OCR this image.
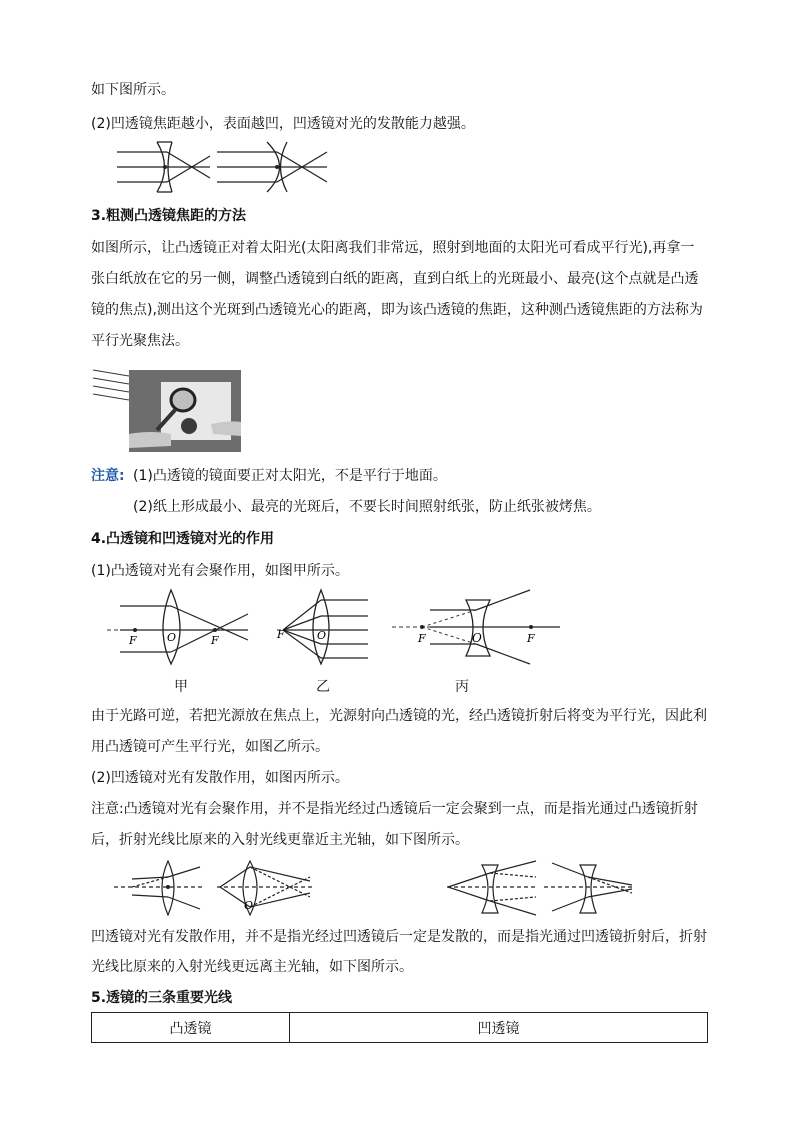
如下图所示。
(2)凹透镜焦距越小，表面越凹，凹透镜对光的发散能力越强。
3.粗测凸透镜焦距的方法
如图所示，让凸透镜正对着太阳光(太阳离我们非常远，照射到地面的太阳光可看成平行光),再拿一
张白纸放在它的另一侧，调整凸透镜到白纸的距离，直到白纸上的光斑最小、最亮(这个点就是凸透
镜的焦点),测出这个光斑到凸透镜光心的距离，即为该凸透镜的焦距，这种测凸透镜焦距的方法称为
平行光聚焦法。
注意: (1)凸透镜的镜面要正对太阳光，不是平行于地面。
(2)纸上形成最小、最亮的光斑后，不要长时间照射纸张，防止纸张被烤焦。
4.凸透镜和凹透镜对光的作用
(1)凸透镜对光有会聚作用，如图甲所示。
F	F
O	F	O	F	F
O
甲	乙	丙
由于光路可逆，若把光源放在焦点上，光源射向凸透镜的光，经凸透镜折射后将变为平行光，因此利
用凸透镜可产生平行光，如图乙所示。
(2)凹透镜对光有发散作用，如图丙所示。
注意:凸透镜对光有会聚作用，并不是指光经过凸透镜后一定会聚到一点，而是指光通过凸透镜折射
后，折射光线比原来的入射光线更靠近主光轴，如下图所示。
O
凹透镜对光有发散作用，并不是指光经过凹透镜后一定是发散的，而是指光通过凹透镜折射后，折射
光线比原来的入射光线更远离主光轴，如下图所示。
5.透镜的三条重要光线
凸透镜	凹透镜
